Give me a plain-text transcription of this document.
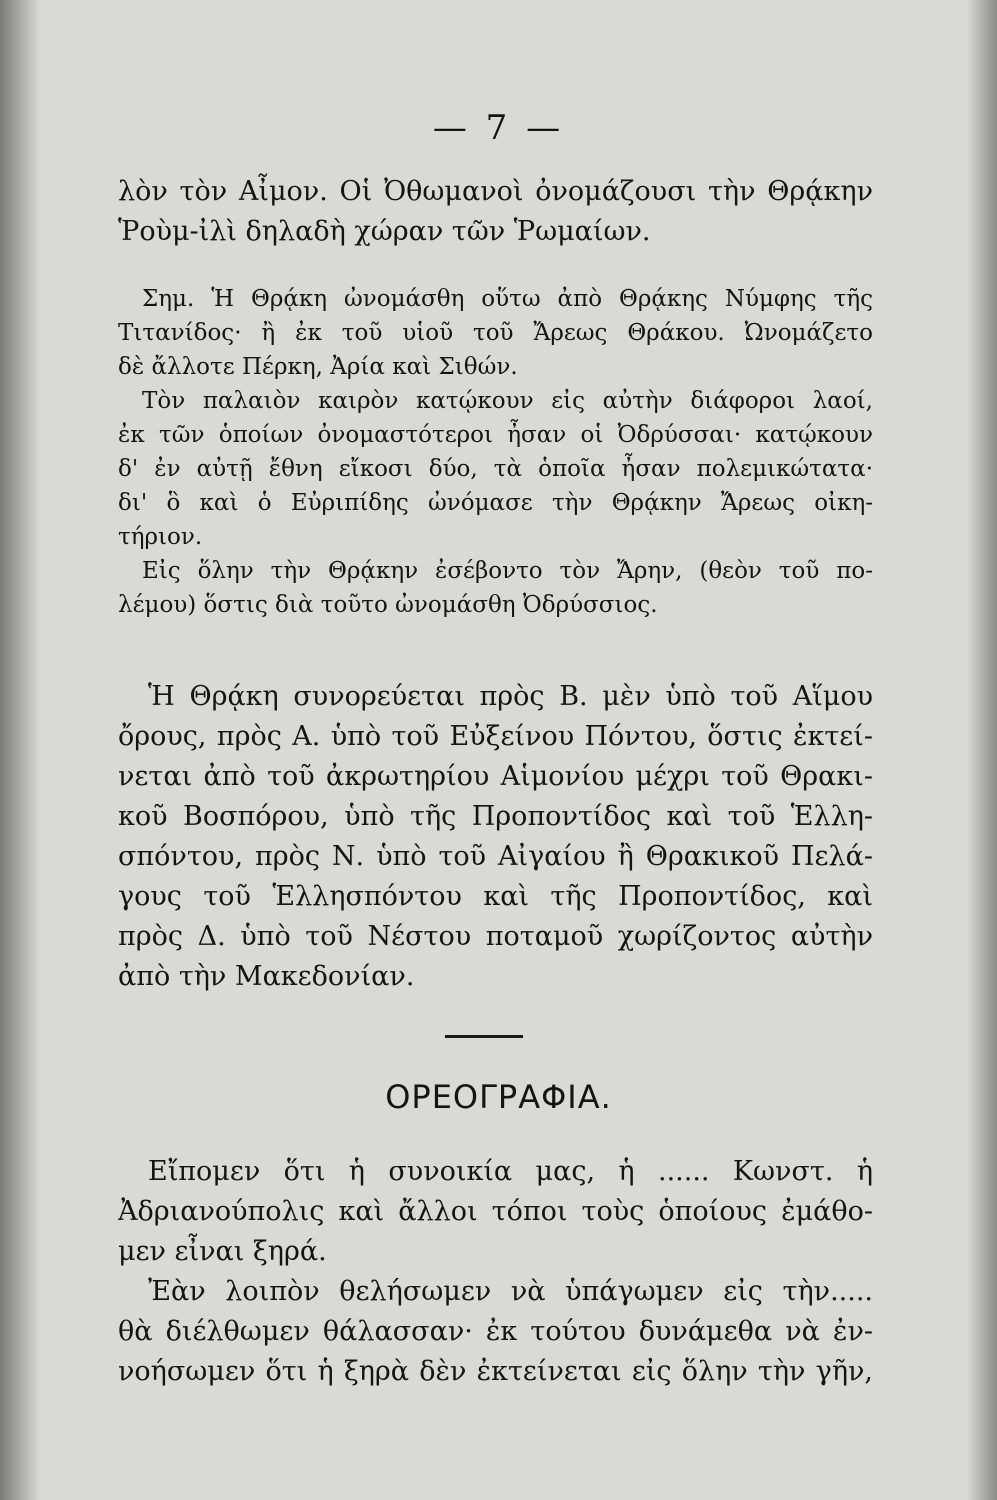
— 7 —
λὸν τὸν Αἶμον. Οἱ Ὀθωμανοὶ ὀνομάζουσι τὴν Θρᾴκην
Ῥοὺμ-ἰλὶ δηλαδὴ χώραν τῶν Ῥωμαίων.
Σημ. Ἡ Θρᾴκη ὠνομάσθη οὕτω ἀπὸ Θρᾴκης Νύμφης τῆς
Τιτανίδος· ἢ ἐκ τοῦ υἱοῦ τοῦ Ἄρεως Θράκου. Ὠνομάζετο
δὲ ἄλλοτε Πέρκη, Ἀρία καὶ Σιθών.
Τὸν παλαιὸν καιρὸν κατῴκουν εἰς αὐτὴν διάφοροι λαοί,
ἐκ τῶν ὁποίων ὀνομαστότεροι ἦσαν οἱ Ὀδρύσσαι· κατῴκουν
δ' ἐν αὐτῇ ἔθνη εἴκοσι δύο, τὰ ὁποῖα ἦσαν πολεμικώτατα·
δι' ὃ καὶ ὁ Εὐριπίδης ὠνόμασε τὴν Θρᾴκην Ἄρεως οἰκη-
τήριον.
Εἰς ὅλην τὴν Θρᾴκην ἐσέβοντο τὸν Ἄρην, (θεὸν τοῦ πο-
λέμου) ὅστις διὰ τοῦτο ὠνομάσθη Ὀδρύσσιος.
Ἡ Θρᾴκη συνορεύεται πρὸς Β. μὲν ὑπὸ τοῦ Αἵμου
ὄρους, πρὸς Α. ὑπὸ τοῦ Εὐξείνου Πόντου, ὅστις ἐκτεί-
νεται ἀπὸ τοῦ ἀκρωτηρίου Αἱμονίου μέχρι τοῦ Θρακι-
κοῦ Βοσπόρου, ὑπὸ τῆς Προποντίδος καὶ τοῦ Ἑλλη-
σπόντου, πρὸς Ν. ὑπὸ τοῦ Αἰγαίου ἢ Θρακικοῦ Πελά-
γους τοῦ Ἑλλησπόντου καὶ τῆς Προποντίδος, καὶ
πρὸς Δ. ὑπὸ τοῦ Νέστου ποταμοῦ χωρίζοντος αὐτὴν
ἀπὸ τὴν Μακεδονίαν.
ΟΡΕΟΓΡΑΦΙΑ.
Εἴπομεν ὅτι ἡ συνοικία μας, ἡ ...... Κωνστ. ἡ
Ἀδριανούπολις καὶ ἄλλοι τόποι τοὺς ὁποίους ἐμάθο-
μεν εἶναι ξηρά.
Ἐὰν λοιπὸν θελήσωμεν νὰ ὑπάγωμεν εἰς τὴν.....
θὰ διέλθωμεν θάλασσαν· ἐκ τούτου δυνάμεθα νὰ ἐν-
νοήσωμεν ὅτι ἡ ξηρὰ δὲν ἐκτείνεται εἰς ὅλην τὴν γῆν,
